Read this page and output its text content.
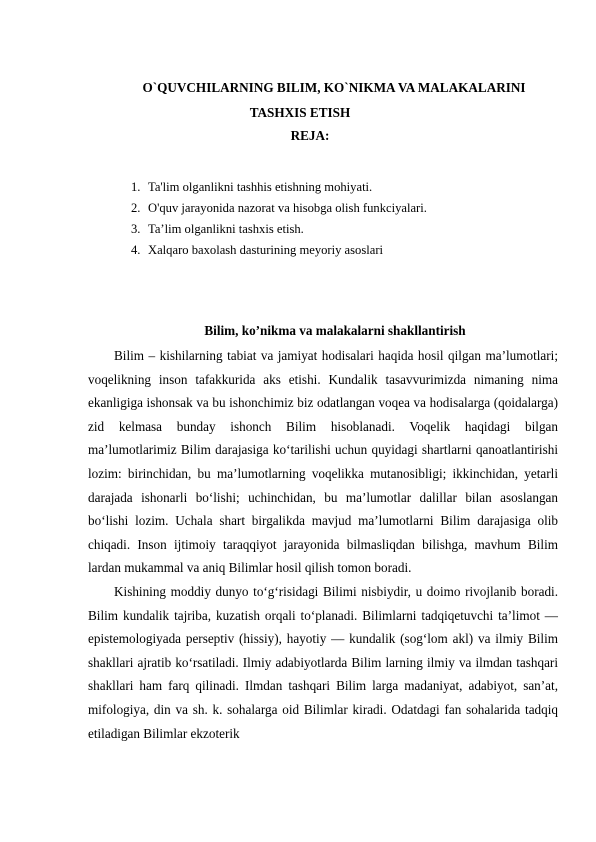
O`QUVCHILARNING BILIM, KO`NIKMA VA MALAKALARINI
TASHXIS ETISH
REJA:
1. Ta'lim olganlikni tashhis etishning mohiyati.
2. O'quv jarayonida nazorat va hisobga olish funkciyalari.
3. Ta’lim olganlikni tashxis etish.
4. Xalqaro baxolash dasturining meyoriy asoslari
Bilim, ko’nikma va malakalarni shakllantirish

Bilim – kishilarning tabiat va jamiyat hodisalari haqida hosil qilgan ma’lumotlari; voqelikning inson tafakkurida aks etishi. Kundalik tasavvurimizda nimaning nima ekanligiga ishonsak va bu ishonchimiz biz odatlangan voqea va hodisalarga (qoidalarga) zid kelmasa bunday ishonch Bilim hisoblanadi. Voqelik haqidagi bilgan ma’lumotlarimiz Bilim darajasiga ko‘tarilishi uchun quyidagi shartlarni qanoatlantirishi lozim: birinchidan, bu ma’lumotlarning voqelikka mutanosibligi; ikkinchidan, yetarli darajada ishonarli bo‘lishi; uchinchidan, bu ma’lumotlar dalillar bilan asoslangan bo‘lishi lozim. Uchala shart birgalikda mavjud ma’lumotlarni Bilim darajasiga olib chiqadi. Inson ijtimoiy taraqqiyot jarayonida bilmasliqdan bilishga, mavhum Bilim lardan mukammal va aniq Bilimlar hosil qilish tomon boradi.

Kishining moddiy dunyo to‘g‘risidagi Bilimi nisbiydir, u doimo rivojlanib boradi. Bilim kundalik tajriba, kuzatish orqali to‘planadi. Bilimlarni tadqiqetuvchi ta’limot — epistemologiyada perseptiv (hissiy), hayotiy — kundalik (sog‘lom akl) va ilmiy Bilim shakllari ajratib ko‘rsatiladi. Ilmiy adabiyotlarda Bilim larning ilmiy va ilmdan tashqari shakllari ham farq qilinadi. Ilmdan tashqari Bilim larga madaniyat, adabiyot, san’at, mifologiya, din va sh. k. sohalarga oid Bilimlar kiradi. Odatdagi fan sohalarida tadqiq etiladigan Bilimlar ekzoterik
